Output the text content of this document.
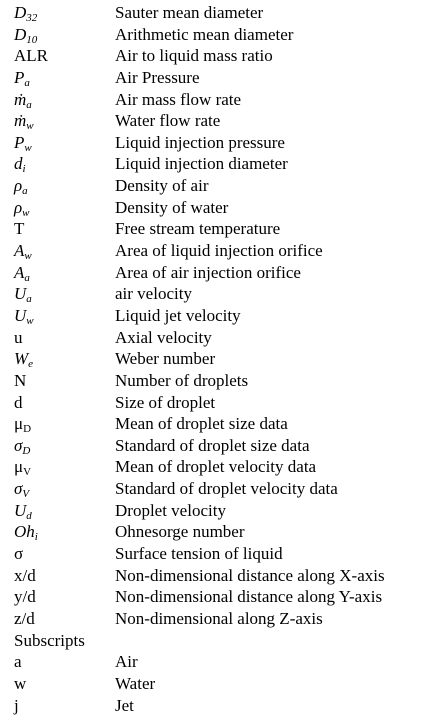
$D_{32}$	Sauter mean diameter
$D_{10}$	Arithmetic mean diameter
ALR	Air to liquid mass ratio
$P_a$	Air Pressure
ṁ$_a$	Air mass flow rate
ṁ$_w$	Water flow rate
$P_w$	Liquid injection pressure
$d_i$	Liquid injection diameter
$\rho_a$	Density of air
$\rho_w$	Density of water
T	Free stream temperature
$A_w$	Area of liquid injection orifice
$A_a$	Area of air injection orifice
$U_a$	air velocity
$U_w$	Liquid jet velocity
u	Axial velocity
$W_e$	Weber number
N	Number of droplets
d	Size of droplet
$\mu_D$	Mean of droplet size data
$\sigma_D$	Standard of droplet size data
$\mu_V$	Mean of droplet velocity data
$\sigma_V$	Standard of droplet velocity data
$U_d$	Droplet velocity
$Oh_i$	Ohnesorge number
σ	Surface tension of liquid
x/d	Non-dimensional distance along X-axis
y/d	Non-dimensional distance along Y-axis
z/d	Non-dimensional along Z-axis
Subscripts
a	Air
w	Water
j	Jet
